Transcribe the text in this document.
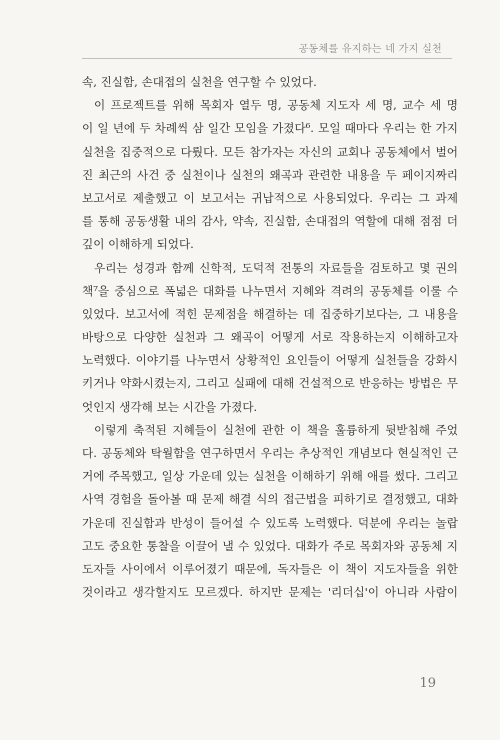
공동체를 유지하는 네 가지 실천
속, 진실함, 손대접의 실천을 연구할 수 있었다.
이 프로젝트를 위해 목회자 열두 명, 공동체 지도자 세 명, 교수 세 명
이 일 년에 두 차례씩 삼 일간 모임을 가졌다⁶. 모일 때마다 우리는 한 가지
실천을 집중적으로 다뤘다. 모든 참가자는 자신의 교회나 공동체에서 벌어
진 최근의 사건 중 실천이나 실천의 왜곡과 관련한 내용을 두 페이지짜리
보고서로 제출했고 이 보고서는 귀납적으로 사용되었다. 우리는 그 과제
를 통해 공동생활 내의 감사, 약속, 진실함, 손대접의 역할에 대해 점점 더
깊이 이해하게 되었다.
우리는 성경과 함께 신학적, 도덕적 전통의 자료들을 검토하고 몇 권의
책⁷을 중심으로 폭넓은 대화를 나누면서 지혜와 격려의 공동체를 이룰 수
있었다. 보고서에 적힌 문제점을 해결하는 데 집중하기보다는, 그 내용을
바탕으로 다양한 실천과 그 왜곡이 어떻게 서로 작용하는지 이해하고자
노력했다. 이야기를 나누면서 상황적인 요인들이 어떻게 실천들을 강화시
키거나 약화시켰는지, 그리고 실패에 대해 건설적으로 반응하는 방법은 무
엇인지 생각해 보는 시간을 가졌다.
이렇게 축적된 지혜들이 실천에 관한 이 책을 훌륭하게 뒷받침해 주었
다. 공동체와 탁월함을 연구하면서 우리는 추상적인 개념보다 현실적인 근
거에 주목했고, 일상 가운데 있는 실천을 이해하기 위해 애를 썼다. 그리고
사역 경험을 돌아볼 때 문제 해결 식의 접근법을 피하기로 결정했고, 대화
가운데 진실함과 반성이 들어설 수 있도록 노력했다. 덕분에 우리는 놀랍
고도 중요한 통찰을 이끌어 낼 수 있었다. 대화가 주로 목회자와 공동체 지
도자들 사이에서 이루어졌기 때문에, 독자들은 이 책이 지도자들을 위한
것이라고 생각할지도 모르겠다. 하지만 문제는 '리더십'이 아니라 사람이
19
